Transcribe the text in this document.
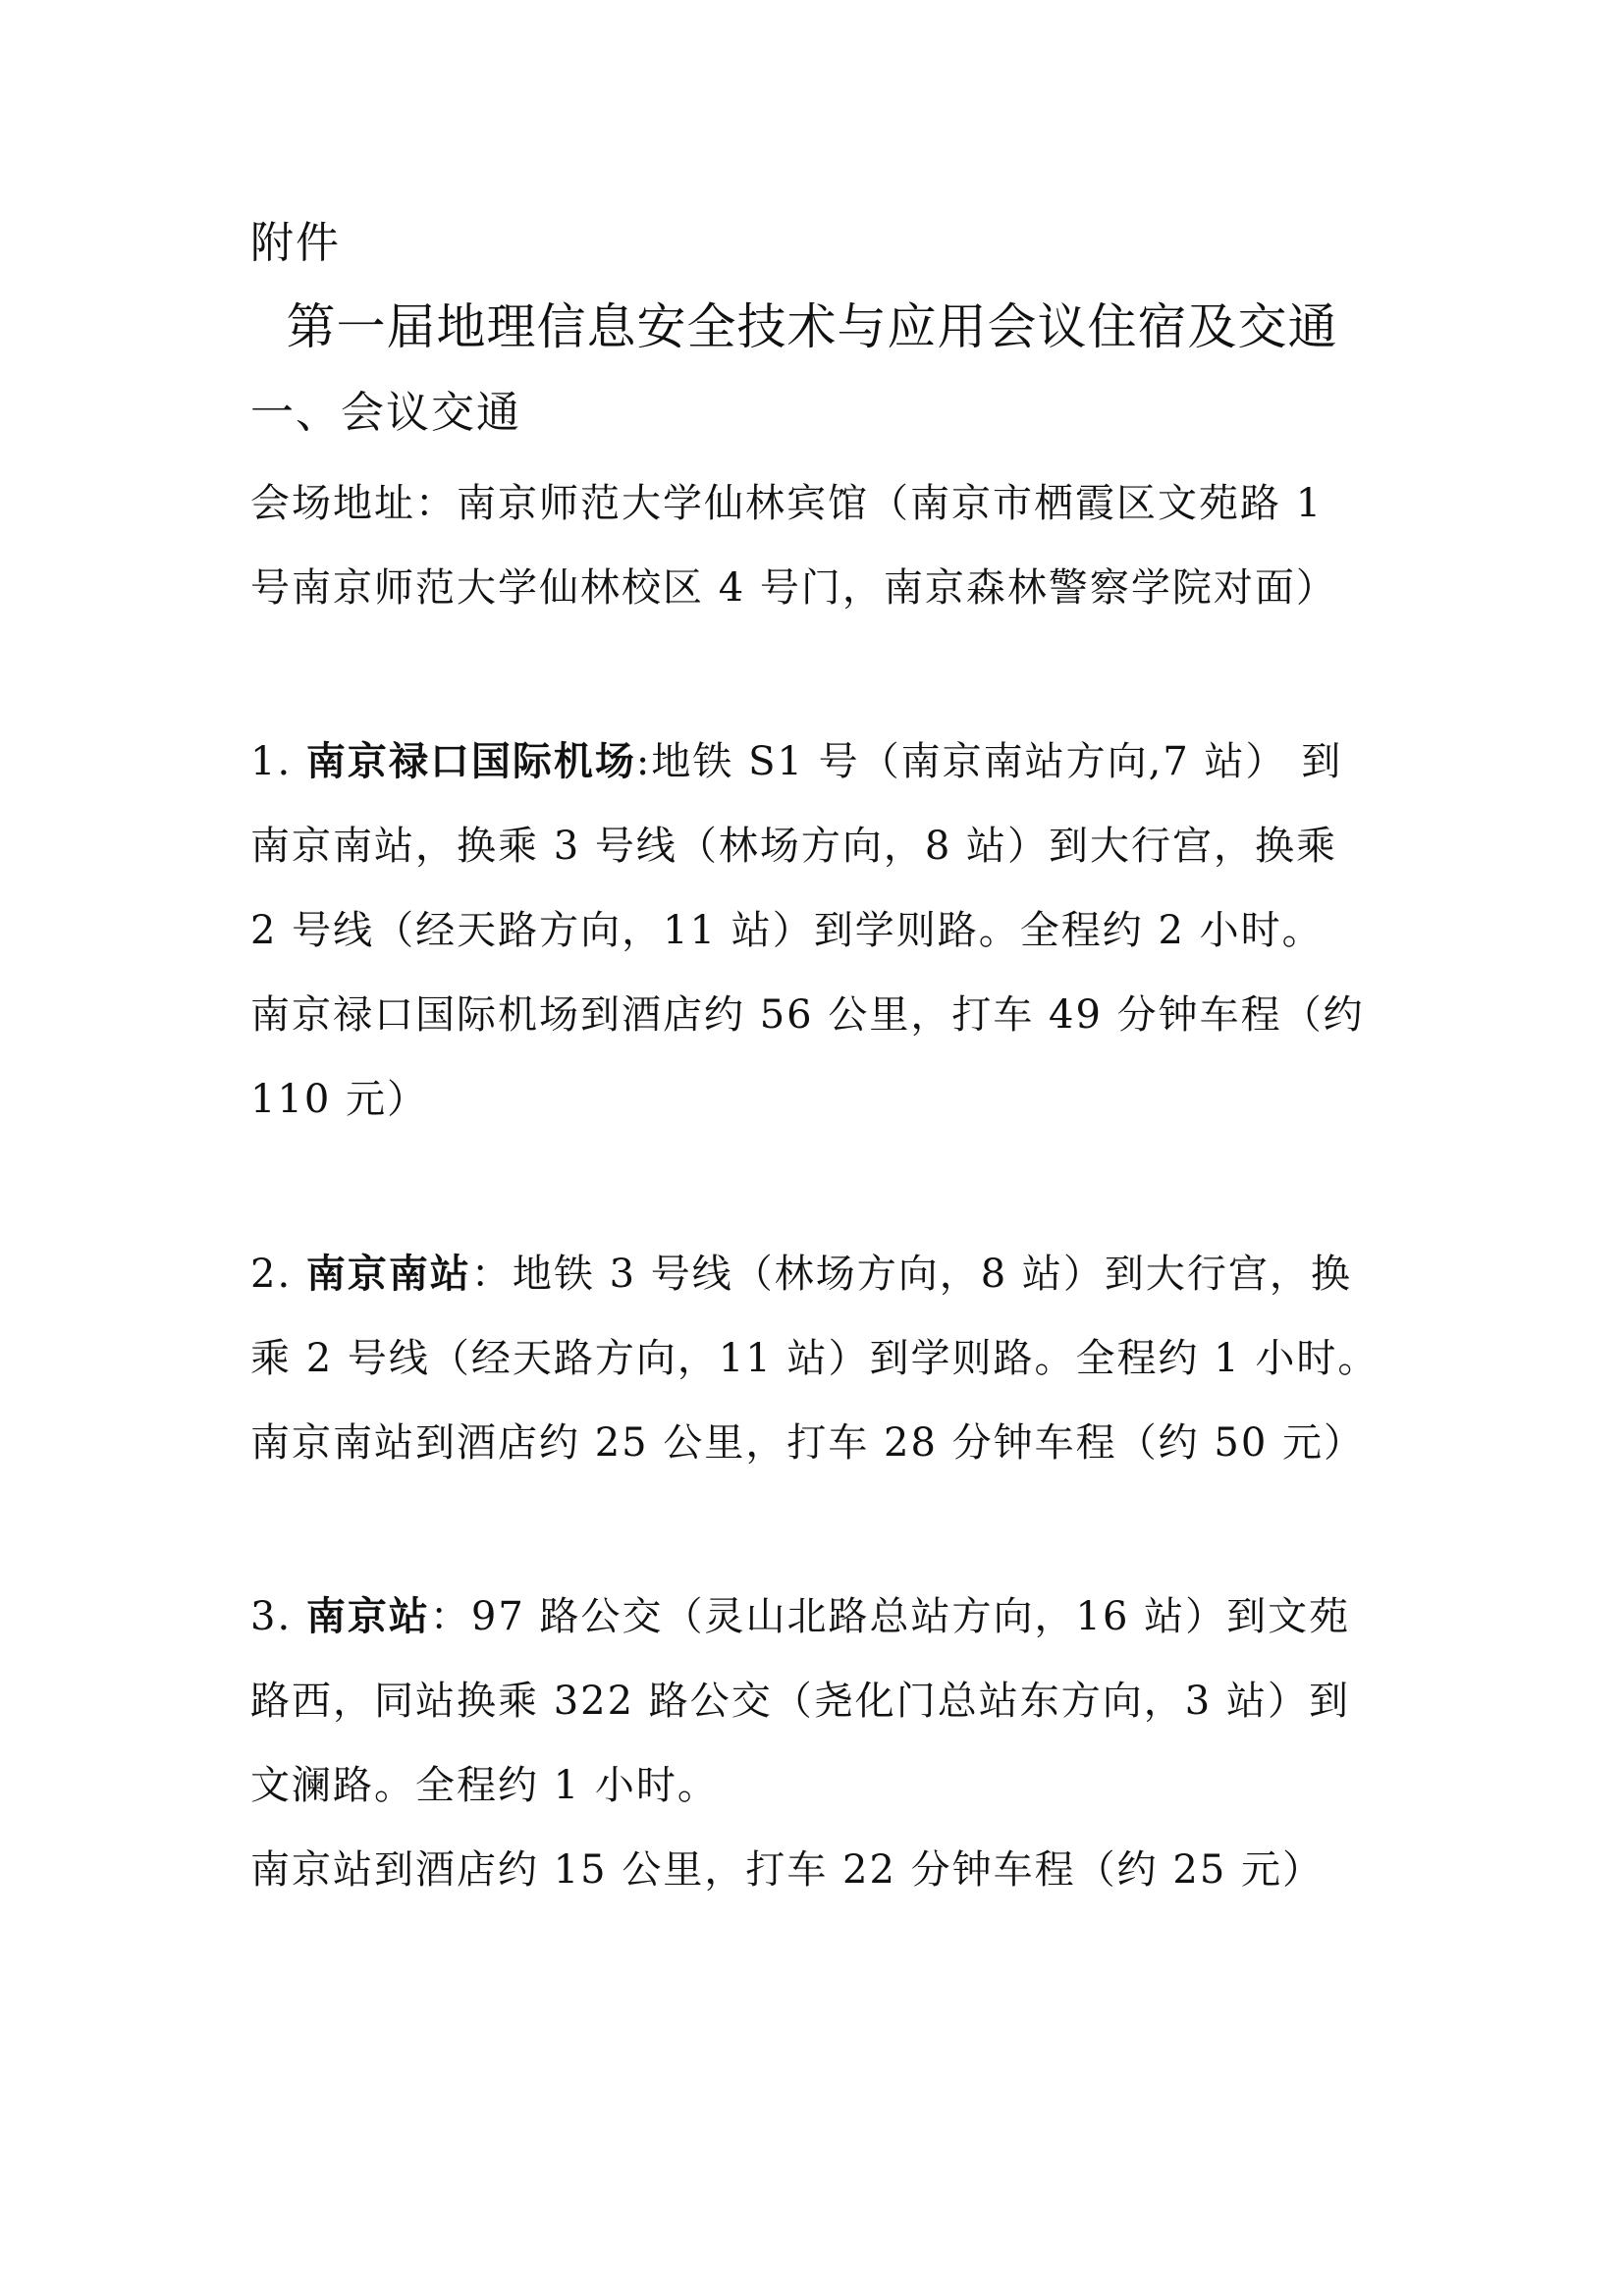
附件
第一届地理信息安全技术与应用会议住宿及交通
一、会议交通
会场地址：南京师范大学仙林宾馆（南京市栖霞区文苑路 1
号南京师范大学仙林校区 4 号门，南京森林警察学院对面）
1. 南京禄口国际机场:地铁 S1 号（南京南站方向,7 站） 到
南京南站，换乘 3 号线（林场方向，8 站）到大行宫，换乘
2 号线（经天路方向，11 站）到学则路。全程约 2 小时。
南京禄口国际机场到酒店约 56 公里，打车 49 分钟车程（约
110 元）
2. 南京南站：地铁 3 号线（林场方向，8 站）到大行宫，换
乘 2 号线（经天路方向，11 站）到学则路。全程约 1 小时。
南京南站到酒店约 25 公里，打车 28 分钟车程（约 50 元）
3. 南京站：97 路公交（灵山北路总站方向，16 站）到文苑
路西，同站换乘 322 路公交（尧化门总站东方向，3 站）到
文澜路。全程约 1 小时。
南京站到酒店约 15 公里，打车 22 分钟车程（约 25 元）
